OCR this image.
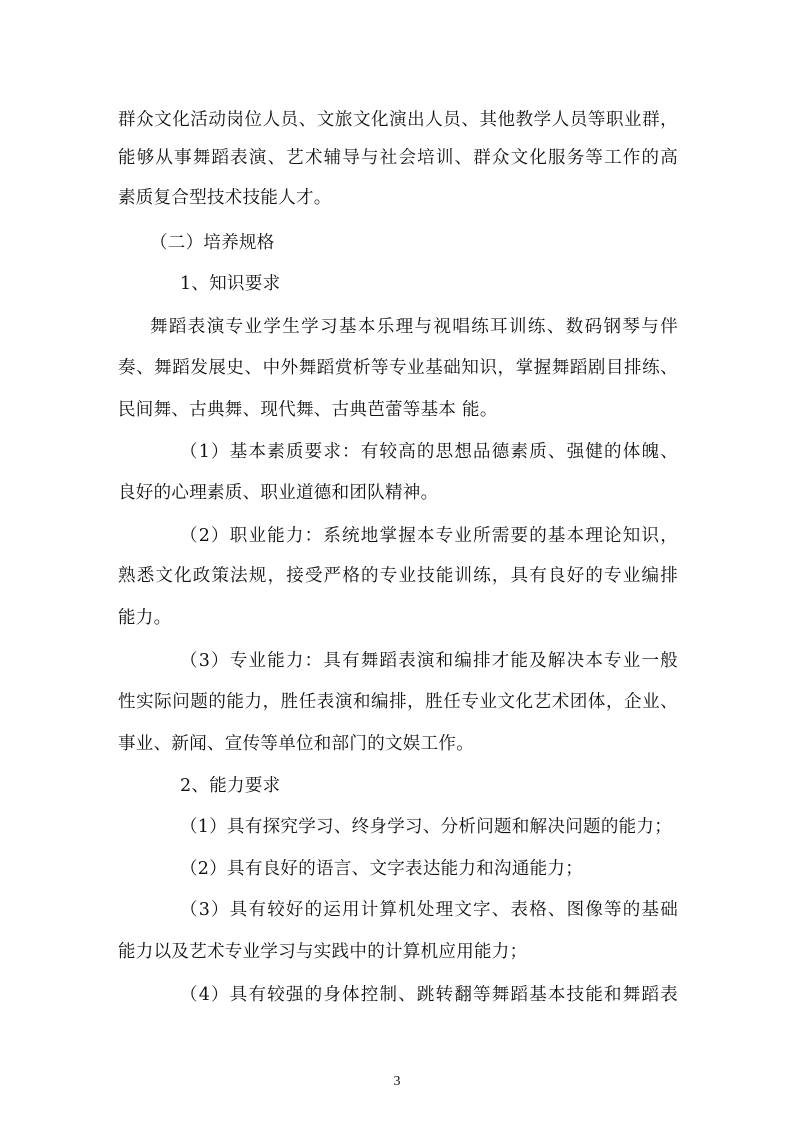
群众文化活动岗位人员、文旅文化演出人员、其他教学人员等职业群，
能够从事舞蹈表演、艺术辅导与社会培训、群众文化服务等工作的高
素质复合型技术技能人才。
（二）培养规格
1、知识要求
舞蹈表演专业学生学习基本乐理与视唱练耳训练、数码钢琴与伴
奏、舞蹈发展史、中外舞蹈赏析等专业基础知识，掌握舞蹈剧目排练、
民间舞、古典舞、现代舞、古典芭蕾等基本 能。
（1）基本素质要求：有较高的思想品德素质、强健的体魄、
良好的心理素质、职业道德和团队精神。
（2）职业能力：系统地掌握本专业所需要的基本理论知识，
熟悉文化政策法规，接受严格的专业技能训练，具有良好的专业编排
能力。
（3）专业能力：具有舞蹈表演和编排才能及解决本专业一般
性实际问题的能力，胜任表演和编排，胜任专业文化艺术团体，企业、
事业、新闻、宣传等单位和部门的文娱工作。
2、能力要求
（1）具有探究学习、终身学习、分析问题和解决问题的能力；
（2）具有良好的语言、文字表达能力和沟通能力；
（3）具有较好的运用计算机处理文字、表格、图像等的基础
能力以及艺术专业学习与实践中的计算机应用能力；
（4）具有较强的身体控制、跳转翻等舞蹈基本技能和舞蹈表
3
